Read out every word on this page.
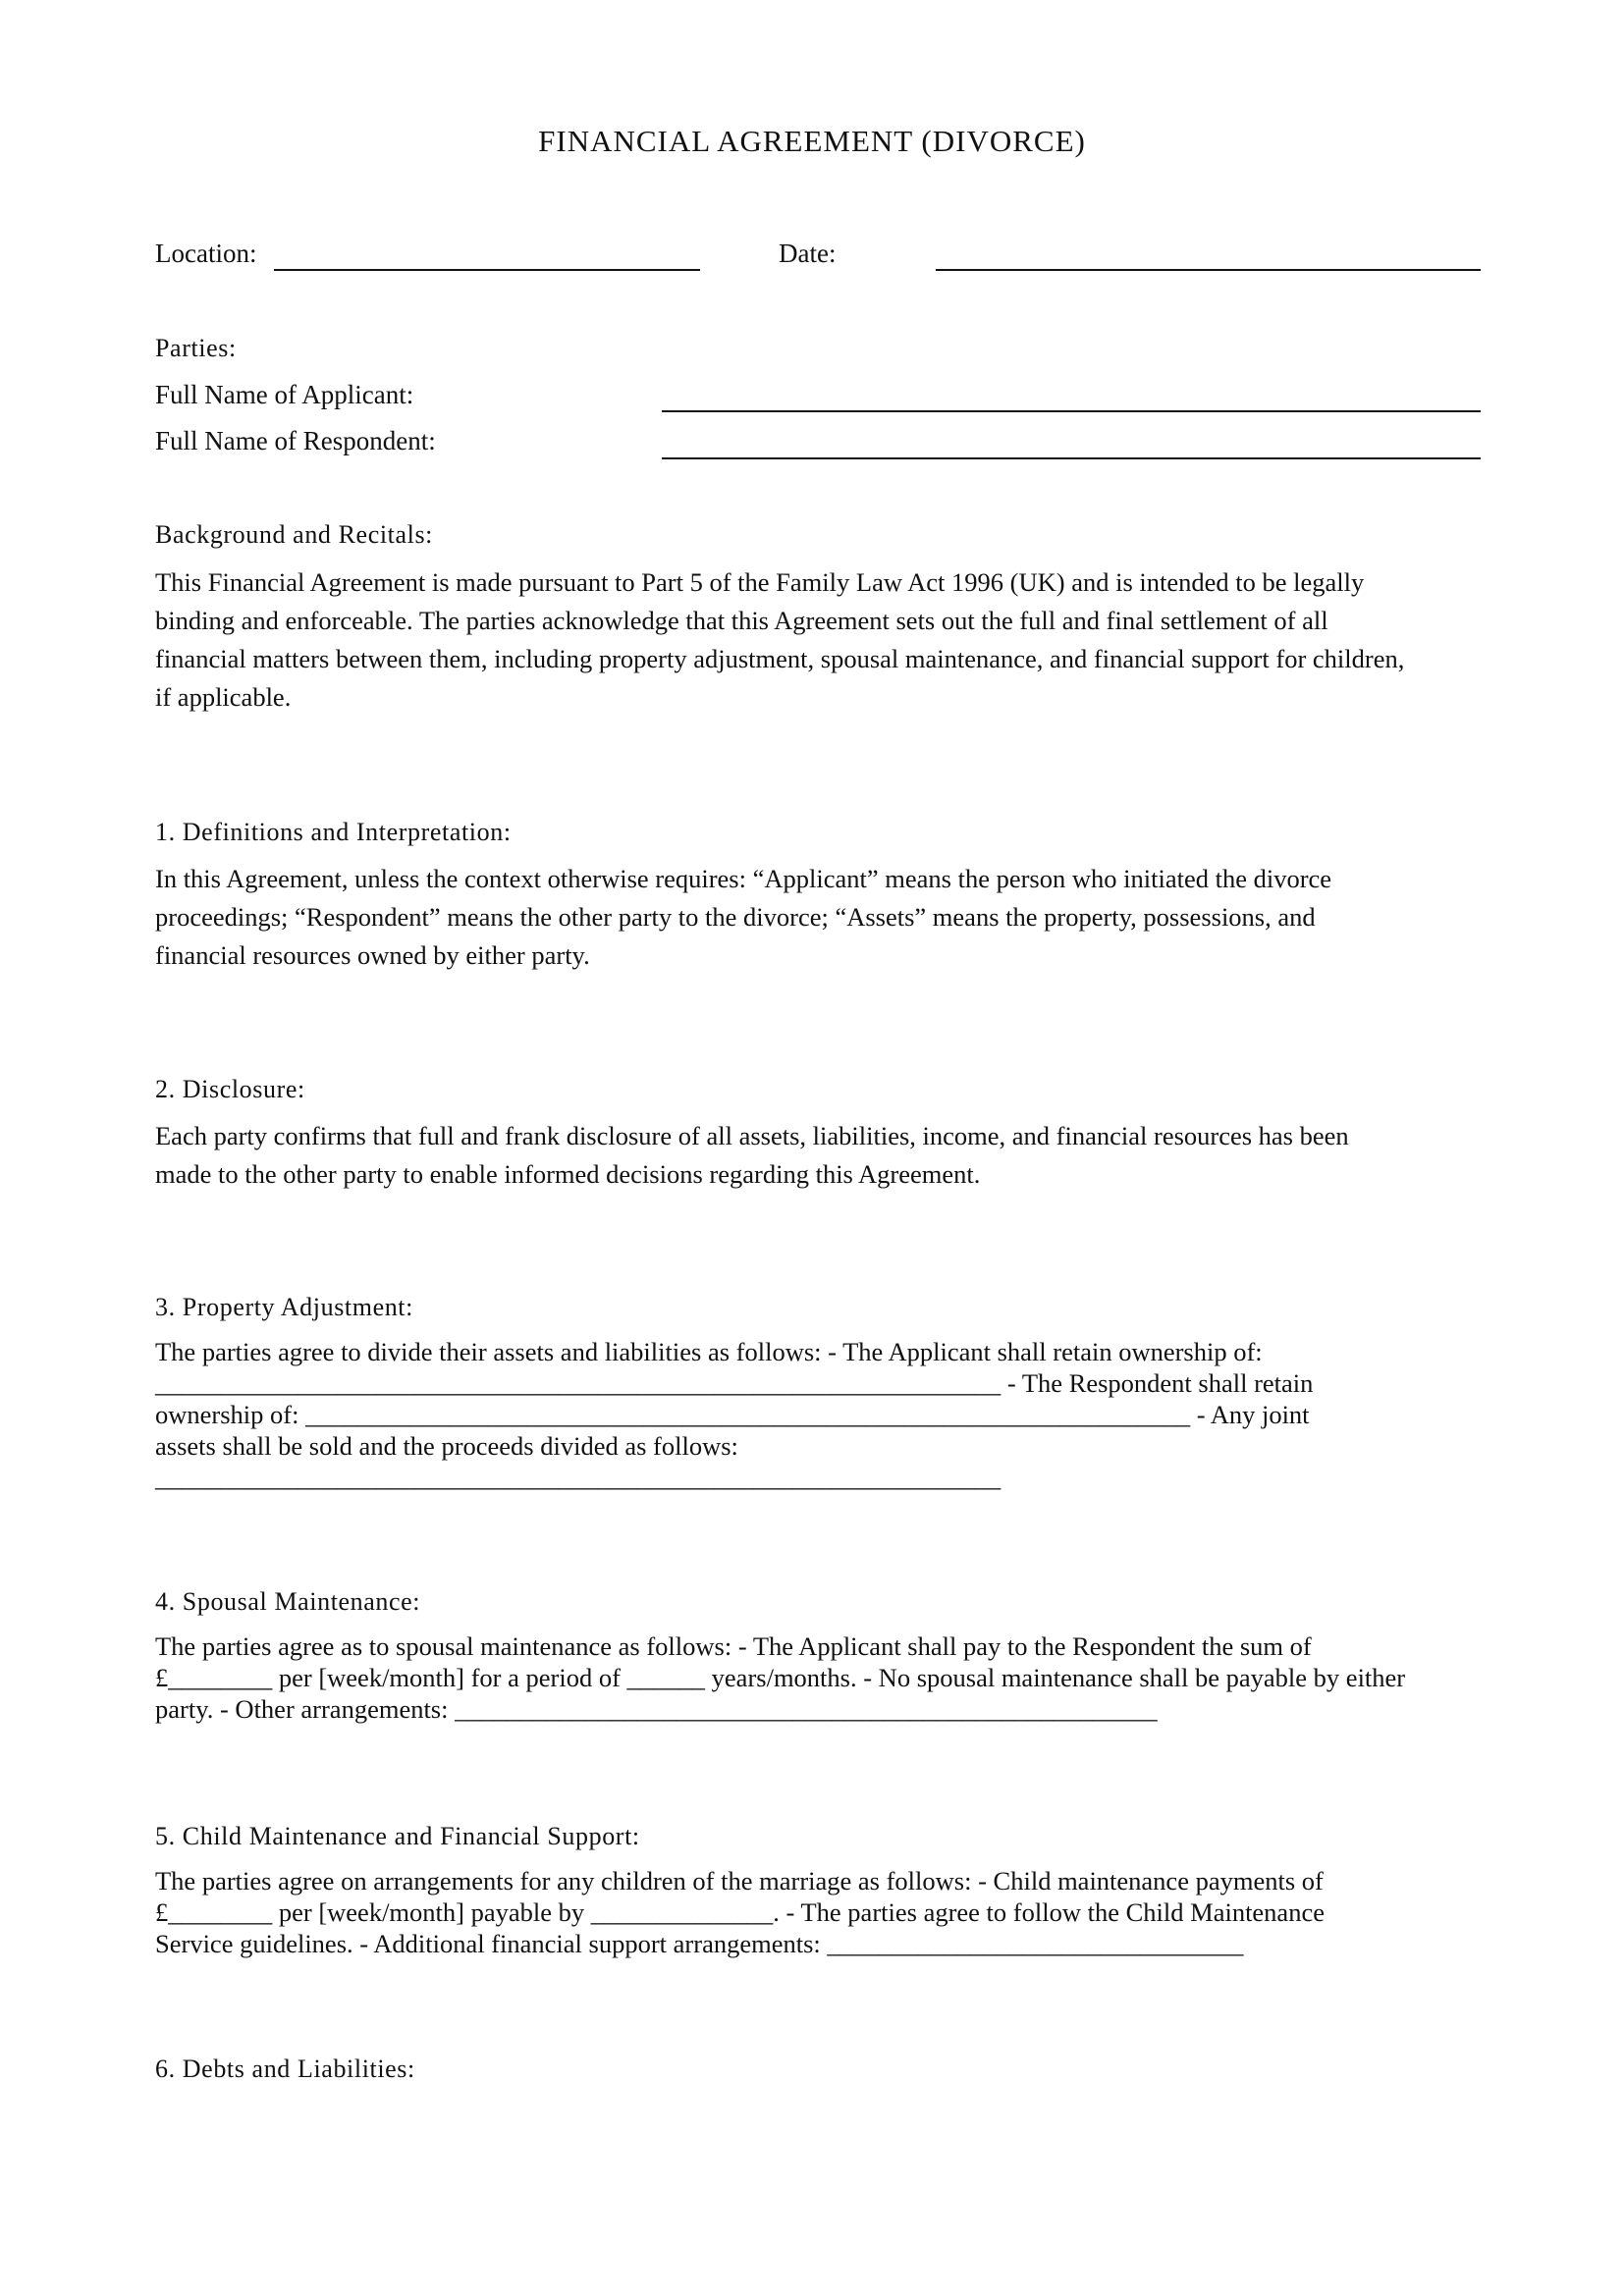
FINANCIAL AGREEMENT (DIVORCE)
Location:	Date:
Parties:
Full Name of Applicant:
Full Name of Respondent:
Background and Recitals:
This Financial Agreement is made pursuant to Part 5 of the Family Law Act 1996 (UK) and is intended to be legally
binding and enforceable. The parties acknowledge that this Agreement sets out the full and final settlement of all
financial matters between them, including property adjustment, spousal maintenance, and financial support for children,
if applicable.
1. Definitions and Interpretation:
In this Agreement, unless the context otherwise requires: “Applicant” means the person who initiated the divorce
proceedings; “Respondent” means the other party to the divorce; “Assets” means the property, possessions, and
financial resources owned by either party.
2. Disclosure:
Each party confirms that full and frank disclosure of all assets, liabilities, income, and financial resources has been
made to the other party to enable informed decisions regarding this Agreement.
3. Property Adjustment:
The parties agree to divide their assets and liabilities as follows: - The Applicant shall retain ownership of:
_________________________________________________________________ - The Respondent shall retain
ownership of: ____________________________________________________________________ - Any joint
assets shall be sold and the proceeds divided as follows:
_________________________________________________________________
4. Spousal Maintenance:
The parties agree as to spousal maintenance as follows: - The Applicant shall pay to the Respondent the sum of
£________ per [week/month] for a period of ______ years/months. - No spousal maintenance shall be payable by either
party. - Other arrangements: ______________________________________________________
5. Child Maintenance and Financial Support:
The parties agree on arrangements for any children of the marriage as follows: - Child maintenance payments of
£________ per [week/month] payable by ______________. - The parties agree to follow the Child Maintenance
Service guidelines. - Additional financial support arrangements: ________________________________
6. Debts and Liabilities:
